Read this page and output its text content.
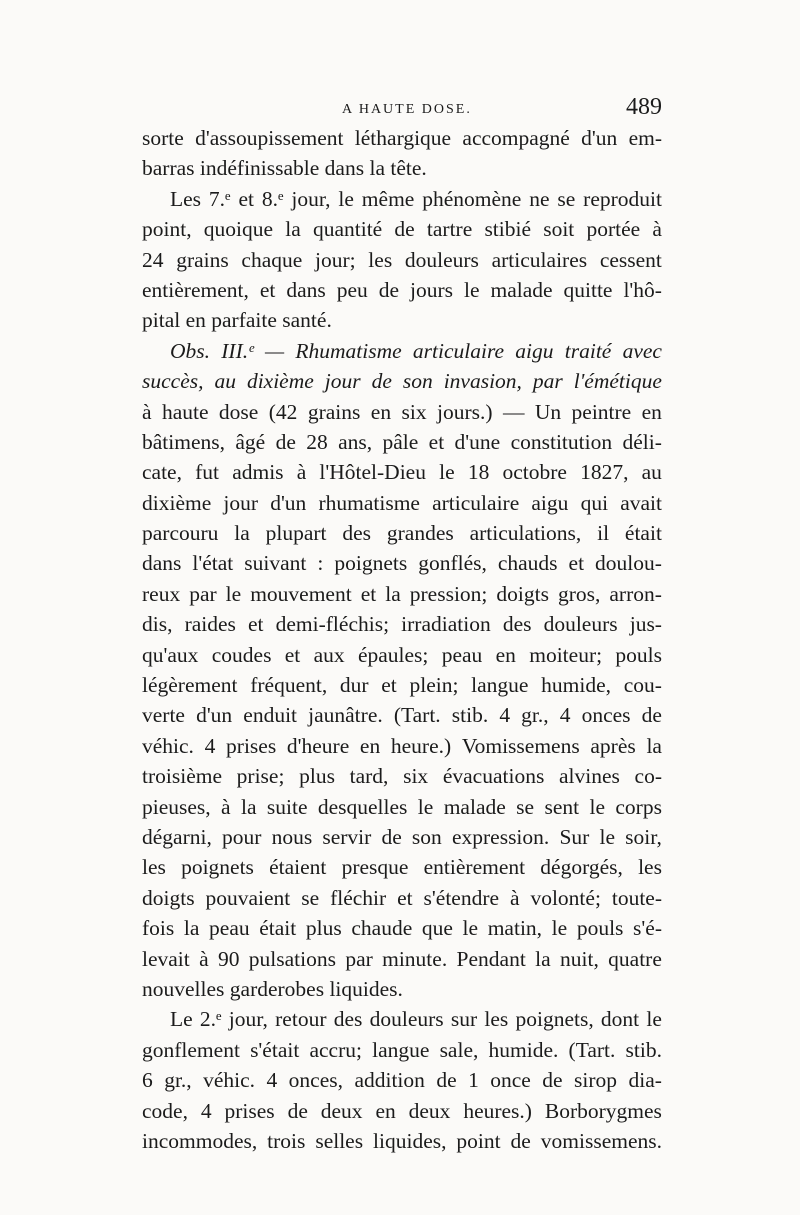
A HAUTE DOSE.	489
sorte d'assoupissement léthargique accompagné d'un em-
barras indéfinissable dans la tête.
Les 7.ᵉ et 8.ᵉ jour, le même phénomène ne se reproduit
point, quoique la quantité de tartre stibié soit portée à
24 grains chaque jour; les douleurs articulaires cessent
entièrement, et dans peu de jours le malade quitte l'hô-
pital en parfaite santé.
Obs. III.ᵉ — Rhumatisme articulaire aigu traité avec
succès, au dixième jour de son invasion, par l'émétique
à haute dose (42 grains en six jours.) — Un peintre en
bâtimens, âgé de 28 ans, pâle et d'une constitution déli-
cate, fut admis à l'Hôtel-Dieu le 18 octobre 1827, au
dixième jour d'un rhumatisme articulaire aigu qui avait
parcouru la plupart des grandes articulations, il était
dans l'état suivant : poignets gonflés, chauds et doulou-
reux par le mouvement et la pression; doigts gros, arron-
dis, raides et demi-fléchis; irradiation des douleurs jus-
qu'aux coudes et aux épaules; peau en moiteur; pouls
légèrement fréquent, dur et plein; langue humide, cou-
verte d'un enduit jaunâtre. (Tart. stib. 4 gr., 4 onces de
véhic. 4 prises d'heure en heure.) Vomissemens après la
troisième prise; plus tard, six évacuations alvines co-
pieuses, à la suite desquelles le malade se sent le corps
dégarni, pour nous servir de son expression. Sur le soir,
les poignets étaient presque entièrement dégorgés, les
doigts pouvaient se fléchir et s'étendre à volonté; toute-
fois la peau était plus chaude que le matin, le pouls s'é-
levait à 90 pulsations par minute. Pendant la nuit, quatre
nouvelles garderobes liquides.
Le 2.ᵉ jour, retour des douleurs sur les poignets, dont le
gonflement s'était accru; langue sale, humide. (Tart. stib.
6 gr., véhic. 4 onces, addition de 1 once de sirop dia-
code, 4 prises de deux en deux heures.) Borborygmes
incommodes, trois selles liquides, point de vomissemens.
